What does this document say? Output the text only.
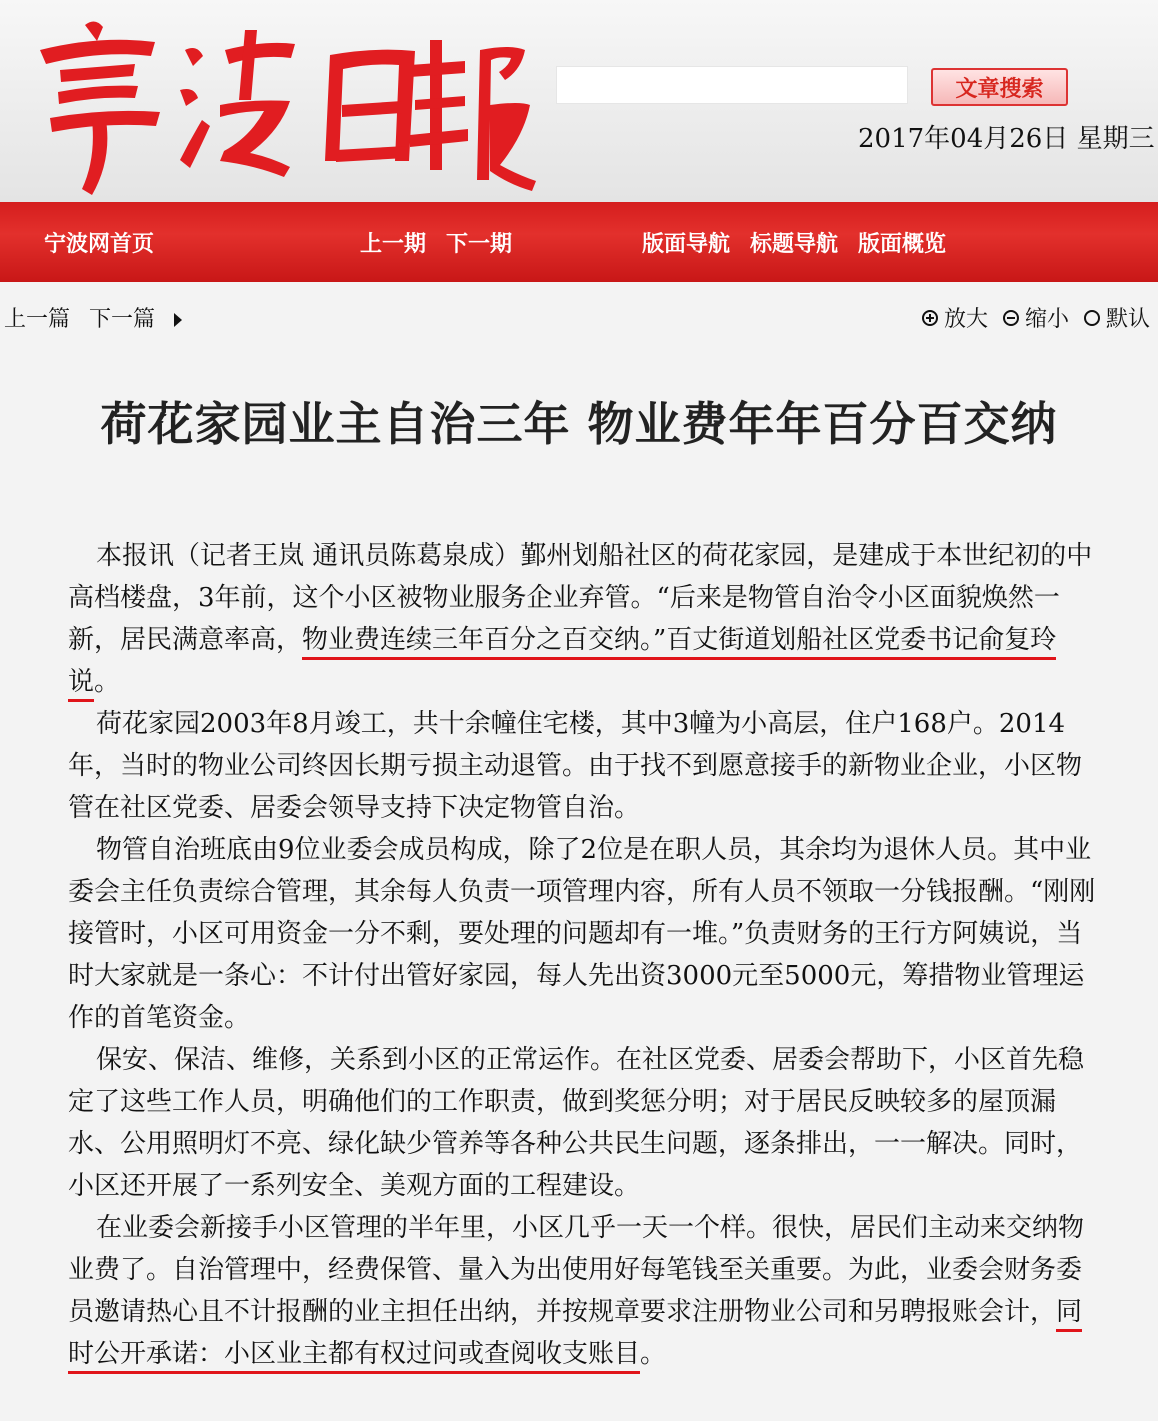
文章搜索
2017年04月26日 星期三
宁波网首页	上一期 下一期	版面导航 标题导航 版面概览
上一篇 下一篇	放大
缩小
默认
荷花家园业主自治三年 物业费年年百分百交纳

本报讯（记者王岚 通讯员陈葛泉成）鄞州划船社区的荷花家园，是建成于本世纪初的中高档楼盘，3年前，这个小区被物业服务企业弃管。“后来是物管自治令小区面貌焕然一新，居民满意率高，物业费连续三年百分之百交纳。”百丈街道划船社区党委书记俞复玲说。

荷花家园2003年8月竣工，共十余幢住宅楼，其中3幢为小高层，住户168户。2014年，当时的物业公司终因长期亏损主动退管。由于找不到愿意接手的新物业企业，小区物管在社区党委、居委会领导支持下决定物管自治。

物管自治班底由9位业委会成员构成，除了2位是在职人员，其余均为退休人员。其中业委会主任负责综合管理，其余每人负责一项管理内容，所有人员不领取一分钱报酬。“刚刚接管时，小区可用资金一分不剩，要处理的问题却有一堆。”负责财务的王行方阿姨说，当时大家就是一条心：不计付出管好家园，每人先出资3000元至5000元，筹措物业管理运作的首笔资金。

保安、保洁、维修，关系到小区的正常运作。在社区党委、居委会帮助下，小区首先稳定了这些工作人员，明确他们的工作职责，做到奖惩分明；对于居民反映较多的屋顶漏水、公用照明灯不亮、绿化缺少管养等各种公共民生问题，逐条排出，一一解决。同时，小区还开展了一系列安全、美观方面的工程建设。

在业委会新接手小区管理的半年里，小区几乎一天一个样。很快，居民们主动来交纳物业费了。自治管理中，经费保管、量入为出使用好每笔钱至关重要。为此，业委会财务委员邀请热心且不计报酬的业主担任出纳，并按规章要求注册物业公司和另聘报账会计，同时公开承诺：小区业主都有权过问或查阅收支账目。
